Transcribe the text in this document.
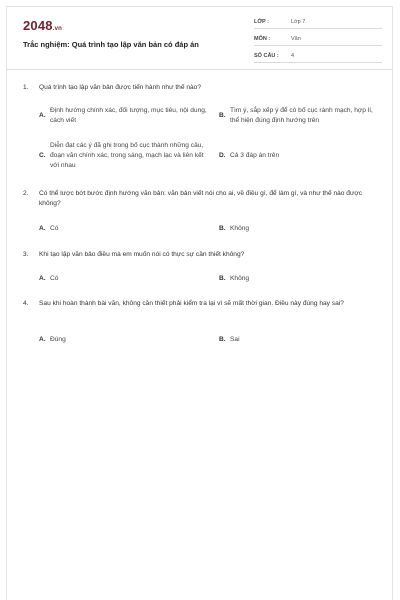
2048.vn
Trắc nghiệm: Quá trình tạo lập văn bản có đáp án
LỚP :	Lớp 7
MÔN :	Văn
SỐ CÂU : 4
1. Quá trình tạo lập văn bản được tiến hành như thế nào?
A.
Định hướng chính xác, đối tượng, mục tiêu, nội dung, cách viết
B.
Tìm ý, sắp xếp ý để có bố cục rành mạch, hợp lí, thể hiện đúng định hướng trên
C.
Diễn đạt các ý đã ghi trong bố cục thành những câu, đoạn văn chính xác, trong sáng, mạch lạc và liên kết với nhau
D. Cả 3 đáp án trên
2. Có thể lược bớt bước định hướng văn bản: văn bản viết nói cho ai, về điều gì, để làm gì, và như thế nào được không?
A. Có	B. Không
3. Khi tạo lập văn bảo điều mà em muốn nói có thực sự cần thiết không?
A. Có	B. Không
4. Sau khi hoàn thành bài văn, không cần thiết phải kiểm tra lại vì sẽ mất thời gian. Điều này đúng hay sai?
A. Đúng	B. Sai
